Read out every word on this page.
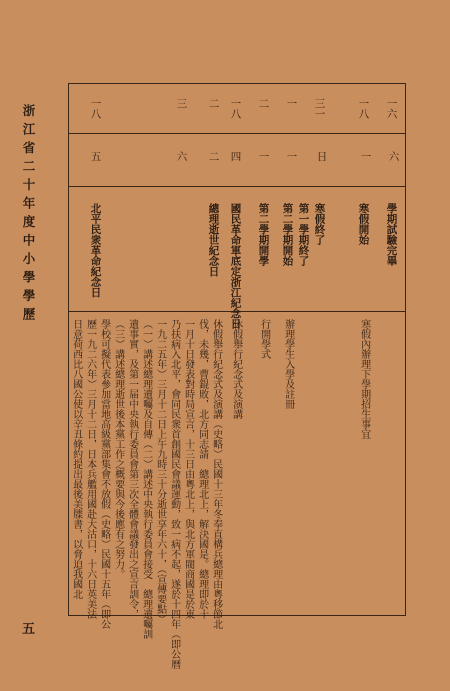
浙江省二十年度中小學學歷
五
一六
一八
三一
一
二
一八
二
三
一八
六
一
日
一
一
四
二
六
五
學期試驗完畢
寒假開始
寒假終了
第一學期終了
第二學期開始
第二學期開學
國民革命軍底定浙江紀念日
總理逝世紀念日
北平民衆革命紀念日
寒假內辦理下學期招生事宜
辦理學生入學及註冊
行開學式
休假舉行紀念式及演講
休假舉行紀念式及演講（史略）民國十三年冬奉直構兵總理由粵移節北
伐，未幾，曹錕敗，北方同志請　總理北上，解決國是。總理即於十
一月十日發表對時局宣言，十三日由粵北上，與北方軍閥商國是於東
乃扶病入北平，會同民衆首創國民會議運動，致一病不起，遂於十四年（即公曆
一九二五年）三月十二日上午九時三十分逝世享年六十，（宣傳要點）
（一）講述總理遺囑及自傳（二）講述中央執行委員會接受　總理遺囑訓
遺事實，及第一届中央執行委員會第三次全體會議發出之宣言訓令，
（三）講述總理逝世後本黨工作之概要與今後應有之努力。
學校可擬代表參加當地高級黨部集會不放假（史略）民國十五年（即公
歷一九二六年）三月十二日，日本兵艦用國赴大沽口，十六日英美法
日意荷西比八國公使以辛丑條約提出最後美牒書，以脅迫我國北
